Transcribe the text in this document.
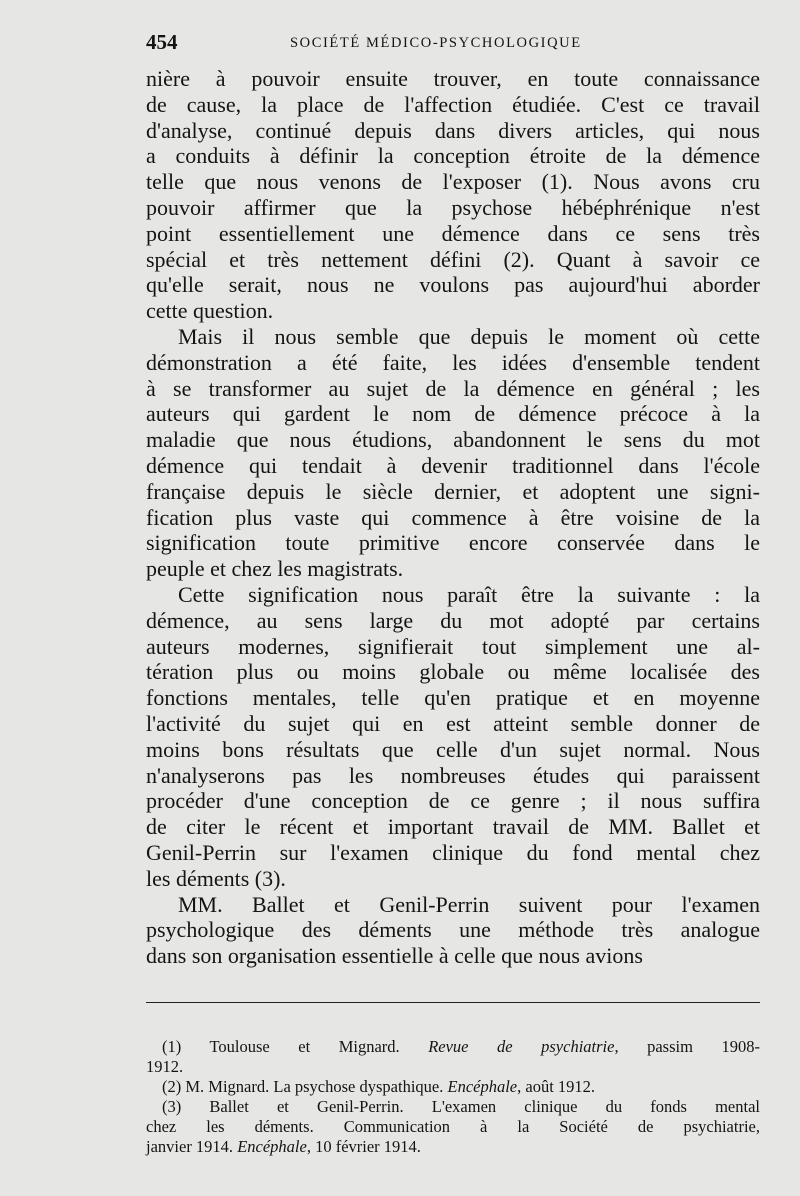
454	SOCIÉTÉ MÉDICO-PSYCHOLOGIQUE

nière à pouvoir ensuite trouver, en toute connaissance
de cause, la place de l'affection étudiée. C'est ce travail
d'analyse, continué depuis dans divers articles, qui nous
a conduits à définir la conception étroite de la démence
telle que nous venons de l'exposer (1). Nous avons cru
pouvoir affirmer que la psychose hébéphrénique n'est
point essentiellement une démence dans ce sens très
spécial et très nettement défini (2). Quant à savoir ce
qu'elle serait, nous ne voulons pas aujourd'hui aborder
cette question.

Mais il nous semble que depuis le moment où cette
démonstration a été faite, les idées d'ensemble tendent
à se transformer au sujet de la démence en général ; les
auteurs qui gardent le nom de démence précoce à la
maladie que nous étudions, abandonnent le sens du mot
démence qui tendait à devenir traditionnel dans l'école
française depuis le siècle dernier, et adoptent une signi-
fication plus vaste qui commence à être voisine de la
signification toute primitive encore conservée dans le
peuple et chez les magistrats.

Cette signification nous paraît être la suivante : la
démence, au sens large du mot adopté par certains
auteurs modernes, signifierait tout simplement une al-
tération plus ou moins globale ou même localisée des
fonctions mentales, telle qu'en pratique et en moyenne
l'activité du sujet qui en est atteint semble donner de
moins bons résultats que celle d'un sujet normal. Nous
n'analyserons pas les nombreuses études qui paraissent
procéder d'une conception de ce genre ; il nous suffira
de citer le récent et important travail de MM. Ballet et
Genil-Perrin sur l'examen clinique du fond mental chez
les déments (3).

MM. Ballet et Genil-Perrin suivent pour l'examen
psychologique des déments une méthode très analogue
dans son organisation essentielle à celle que nous avions

(1) Toulouse et Mignard. Revue de psychiatrie, passim 1908-
1912.
(2) M. Mignard. La psychose dyspathique. Encéphale, août 1912.
(3) Ballet et Genil-Perrin. L'examen clinique du fonds mental
chez les déments. Communication à la Société de psychiatrie,
janvier 1914. Encéphale, 10 février 1914.
